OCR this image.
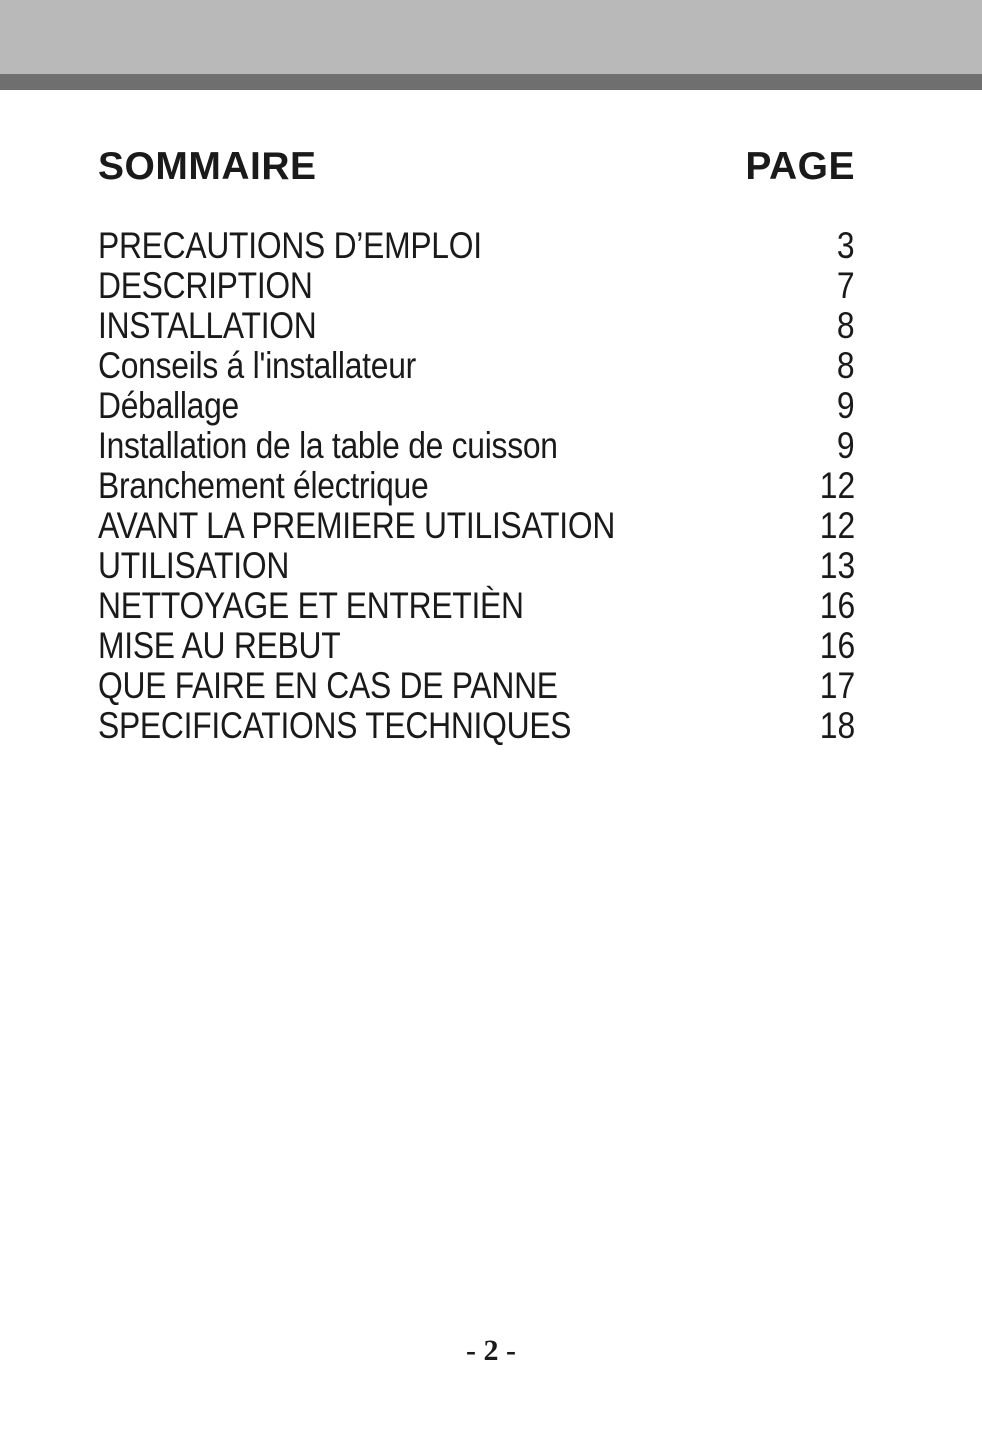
SOMMAIRE	PAGE
PRECAUTIONS D’EMPLOI	3
DESCRIPTION	7
INSTALLATION	8
Conseils á l'installateur	8
Déballage	9
Installation de la table de cuisson	9
Branchement électrique	12
AVANT LA PREMIERE UTILISATION	12
UTILISATION	13
NETTOYAGE ET ENTRETIÈN	16
MISE AU REBUT	16
QUE FAIRE EN CAS DE PANNE	17
SPECIFICATIONS TECHNIQUES	18
- 2 -
